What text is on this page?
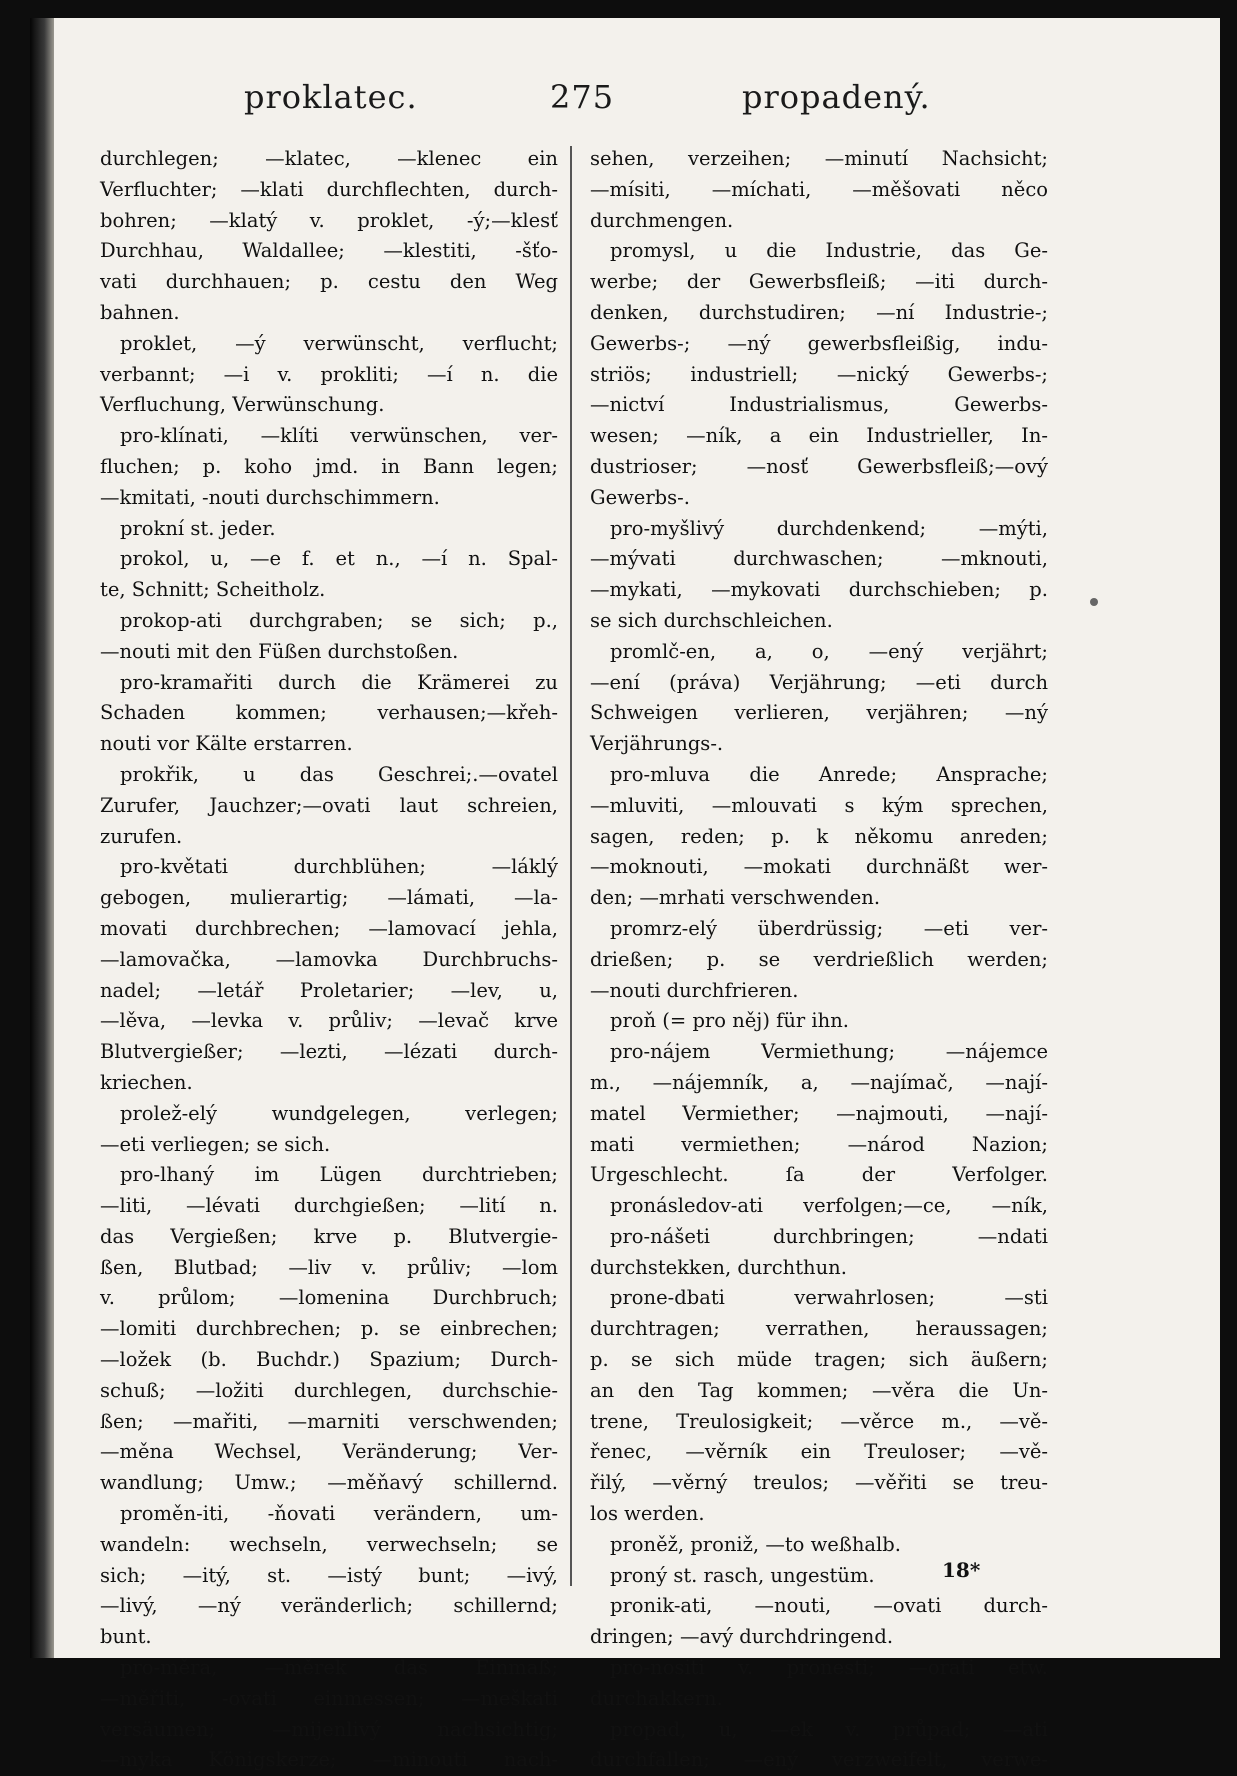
proklatec.	275	propadený.
durchlegen; —klatec, —klenec ein
Verfluchter; —klati durchflechten, durch-
bohren; —klatý v. proklet, -ý;—klesť
Durchhau, Waldallee; —klestiti, -šťo-
vati durchhauen; p. cestu den Weg
bahnen.
proklet, —ý verwünscht, verflucht;
verbannt; —i v. prokliti; —í n. die
Verfluchung, Verwünschung.
pro-klínati, —klíti verwünschen, ver-
fluchen; p. koho jmd. in Bann legen;
—kmitati, -nouti durchschimmern.
prokní st. jeder.
prokol, u, —e f. et n., —í n. Spal-
te, Schnitt; Scheitholz.
prokop-ati durchgraben; se sich; p.,
—nouti mit den Füßen durchstoßen.
pro-kramařiti durch die Krämerei zu
Schaden kommen; verhausen;—křeh-
nouti vor Kälte erstarren.
prokřik, u das Geschrei;.—ovatel
Zurufer, Jauchzer;—ovati laut schreien,
zurufen.
pro-květati durchblühen; —láklý
gebogen, mulierartig; —lámati, —la-
movati durchbrechen; —lamovací jehla,
—lamovačka, —lamovka Durchbruchs-
nadel; —letář Proletarier; —lev, u,
—lěva, —levka v. průliv; —levač krve
Blutvergießer; —lezti, —lézati durch-
kriechen.
prolež-elý wundgelegen, verlegen;
—eti verliegen; se sich.
pro-lhaný im Lügen durchtrieben;
—liti, —lévati durchgießen; —lití n.
das Vergießen; krve p. Blutvergie-
ßen, Blutbad; —liv v. průliv; —lom
v. průlom; —lomenina Durchbruch;
—lomiti durchbrechen; p. se einbrechen;
—ložek (b. Buchdr.) Spazium; Durch-
schuß; —ložiti durchlegen, durchschie-
ßen; —mařiti, —marniti verschwenden;
—měna Wechsel, Veränderung; Ver-
wandlung; Umw.; —měňavý schillernd.
proměn-iti, -ňovati verändern, um-
wandeln: wechseln, verwechseln; se
sich; —itý, st. —istý bunt; —ivý,
—livý, —ný veränderlich; schillernd;
bunt.
pro-měra, —měrek das Einmaß;
—měřiti, -ovati einmessen; —meškati
versäumen; —mijenlivý nachsichtig;
—myka Königskerze; —minouti nach-
sehen, verzeihen; —minutí Nachsicht;
—mísiti, —míchati, —měšovati něco
durchmengen.
promysl, u die Industrie, das Ge-
werbe; der Gewerbsfleiß; —iti durch-
denken, durchstudiren; —ní Industrie-;
Gewerbs-; —ný gewerbsfleißig, indu-
striös; industriell; —nický Gewerbs-;
—nictví Industrialismus, Gewerbs-
wesen; —ník, a ein Industrieller, In-
dustrioser; —nosť Gewerbsfleiß;—ový
Gewerbs-.
pro-myšlivý durchdenkend; —mýti,
—mývati durchwaschen; —mknouti,
—mykati, —mykovati durchschieben; p.
se sich durchschleichen.
promlč-en, a, o, —ený verjährt;
—ení (práva) Verjährung; —eti durch
Schweigen verlieren, verjähren; —ný
Verjährungs-.
pro-mluva die Anrede; Ansprache;
—mluviti, —mlouvati s kým sprechen,
sagen, reden; p. k někomu anreden;
—moknouti, —mokati durchnäßt wer-
den; —mrhati verschwenden.
promrz-elý überdrüssig; —eti ver-
drießen; p. se verdrießlich werden;
—nouti durchfrieren.
proň (= pro něj) für ihn.
pro-nájem Vermiethung; —nájemce
m., —nájemník, a, —najímač, —nají-
matel Vermiether; —najmouti, —nají-
mati vermiethen; —národ Nazion;
Urgeschlecht. ſa der Verfolger.
pronásledov-ati verfolgen;—ce, —ník,
pro-nášeti durchbringen; —ndati
durchstekken, durchthun.
prone-dbati verwahrlosen; —sti
durchtragen; verrathen, heraussagen;
p. se sich müde tragen; sich äußern;
an den Tag kommen; —věra die Un-
trene, Treulosigkeit; —věrce m., —vě-
řenec, —věrník ein Treuloser; —vě-
řilý, —věrný treulos; —věřiti se treu-
los werden.
proněž, proniž, —to weßhalb.
proný st. rasch, ungestüm.
pronik-ati, —nouti, —ovati durch-
dringen; —avý durchdringend.
pro-nositi v. pronesti; —orati etw.
durchakkern.
propad, u, —ek v. průpad; —ati
durchfallen; —ený verzweifelt, verwe-
18*
